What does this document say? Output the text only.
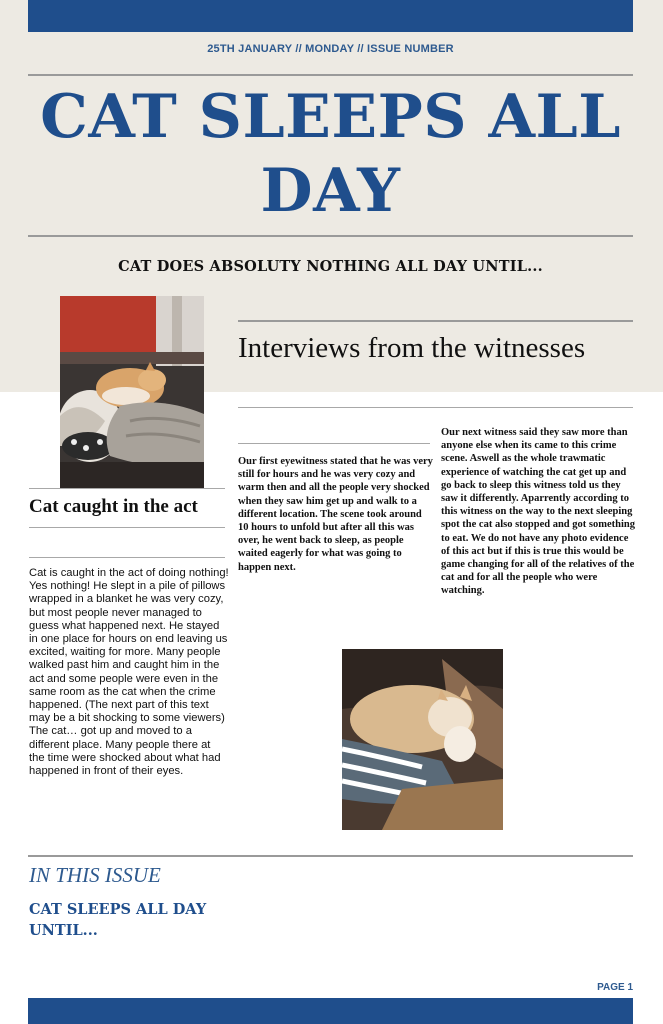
25TH JANUARY // MONDAY // ISSUE NUMBER
CAT SLEEPS ALL DAY
CAT DOES ABSOLUTY NOTHING ALL DAY UNTIL...
Interviews from the witnesses
Our first eyewitness stated that he was very still for hours and he was very cozy and warm then and all the people very shocked when they saw him get up and walk to a different location. The scene took around 10 hours to unfold but after all this was over, he went back to sleep, as people waited eagerly for what was going to happen next.
Our next witness said they saw more than anyone else when its came to this crime scene. Aswell as the whole trawmatic experience of watching the cat get up and go back to sleep this witness told us they saw it differently. Aparrently according to this witness on the way to the next sleeping spot the cat also stopped and got something to eat. We do not have any photo evidence of this act but if this is true this would be game changing for all of the relatives of the cat and for all the people who were watching.
Cat caught in the act
Cat is caught in the act of doing nothing! Yes nothing! He slept in a pile of pillows wrapped in a blanket he was very cozy, but most people never managed to guess what happened next. He stayed in one place for hours on end leaving us excited, waiting for more. Many people walked past him and caught him in the act and some people were even in the same room as the cat when the crime happened. (The next part of this text may be a bit shocking to some viewers) The cat… got up and moved to a different place. Many people there at the time were shocked about what had happened in front of their eyes.
IN THIS ISSUE
CAT SLEEPS ALL DAY UNTIL...
PAGE 1
